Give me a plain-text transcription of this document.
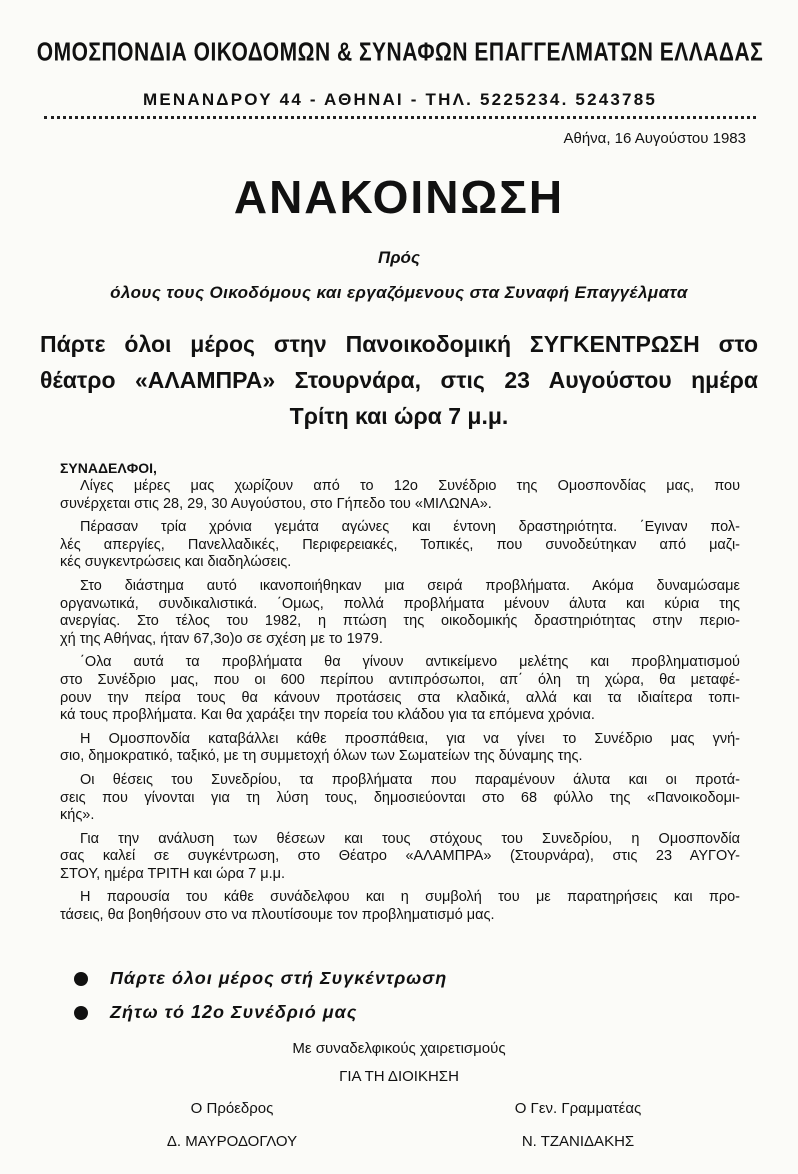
ΟΜΟΣΠΟΝΔΙΑ ΟΙΚΟΔΟΜΩΝ & ΣΥΝΑΦΩΝ ΕΠΑΓΓΕΛΜΑΤΩΝ ΕΛΛΑΔΑΣ
ΜΕΝΑΝΔΡΟΥ 44 - ΑΘΗΝΑΙ - ΤΗΛ. 5225234. 5243785
Αθήνα, 16 Αυγούστου 1983
ΑΝΑΚΟΙΝΩΣΗ
Πρός
όλους τους Οικοδόμους και εργαζόμενους στα Συναφή Επαγγέλματα
Πάρτε όλοι μέρος στην Πανοικοδομική ΣΥΓΚΕΝΤΡΩΣΗ στο
θέατρο «ΑΛΑΜΠΡΑ» Στουρνάρα, στις 23 Αυγούστου ημέρα
Τρίτη και ώρα 7 μ.μ.
ΣΥΝΑΔΕΛΦΟΙ,

Λίγες μέρες μας χωρίζουν από το 12ο Συνέδριο της Ομοσπονδίας μας, που
συνέρχεται στις 28, 29, 30 Αυγούστου, στο Γήπεδο του «ΜΙΛΩΝΑ».

Πέρασαν τρία χρόνια γεμάτα αγώνες και έντονη δραστηριότητα. ΄Εγιναν πολ-
λές απεργίες, Πανελλαδικές, Περιφερειακές, Τοπικές, που συνοδεύτηκαν από μαζι-
κές συγκεντρώσεις και διαδηλώσεις.

Στο διάστημα αυτό ικανοποιήθηκαν μια σειρά προβλήματα. Ακόμα δυναμώσαμε
οργανωτικά, συνδικαλιστικά. ΄Ομως, πολλά προβλήματα μένουν άλυτα και κύρια της
ανεργίας. Στο τέλος του 1982, η πτώση της οικοδομικής δραστηριότητας στην περιο-
χή της Αθήνας, ήταν 67,3ο)ο σε σχέση με το 1979.

΄Ολα αυτά τα προβλήματα θα γίνουν αντικείμενο μελέτης και προβληματισμού
στο Συνέδριο μας, που οι 600 περίπου αντιπρόσωποι, απ΄ όλη τη χώρα, θα μεταφέ-
ρουν την πείρα τους θα κάνουν προτάσεις στα κλαδικά, αλλά και τα ιδιαίτερα τοπι-
κά τους προβλήματα. Και θα χαράξει την πορεία του κλάδου για τα επόμενα χρόνια.

Η Ομοσπονδία καταβάλλει κάθε προσπάθεια, για να γίνει το Συνέδριο μας γνή-
σιο, δημοκρατικό, ταξικό, με τη συμμετοχή όλων των Σωματείων της δύναμης της.

Οι θέσεις του Συνεδρίου, τα προβλήματα που παραμένουν άλυτα και οι προτά-
σεις που γίνονται για τη λύση τους, δημοσιεύονται στο 68 φύλλο της «Πανοικοδομι-
κής».

Για την ανάλυση των θέσεων και τους στόχους του Συνεδρίου, η Ομοσπονδία
σας καλεί σε συγκέντρωση, στο Θέατρο «ΑΛΑΜΠΡΑ» (Στουρνάρα), στις 23 ΑΥΓΟΥ-
ΣΤΟΥ, ημέρα ΤΡΙΤΗ και ώρα 7 μ.μ.

Η παρουσία του κάθε συνάδελφου και η συμβολή του με παρατηρήσεις και προ-
τάσεις, θα βοηθήσουν στο να πλουτίσουμε τον προβληματισμό μας.

Πάρτε όλοι μέρος στή Συγκέντρωση
Ζήτω τό 12ο Συνέδριό μας
Με συναδελφικούς χαιρετισμούς
ΓΙΑ ΤΗ ΔΙΟΙΚΗΣΗ
Ο Πρόεδρος
Δ. ΜΑΥΡΟΔΟΓΛΟΥ
Ο Γεν. Γραμματέας
Ν. ΤΖΑΝΙΔΑΚΗΣ
